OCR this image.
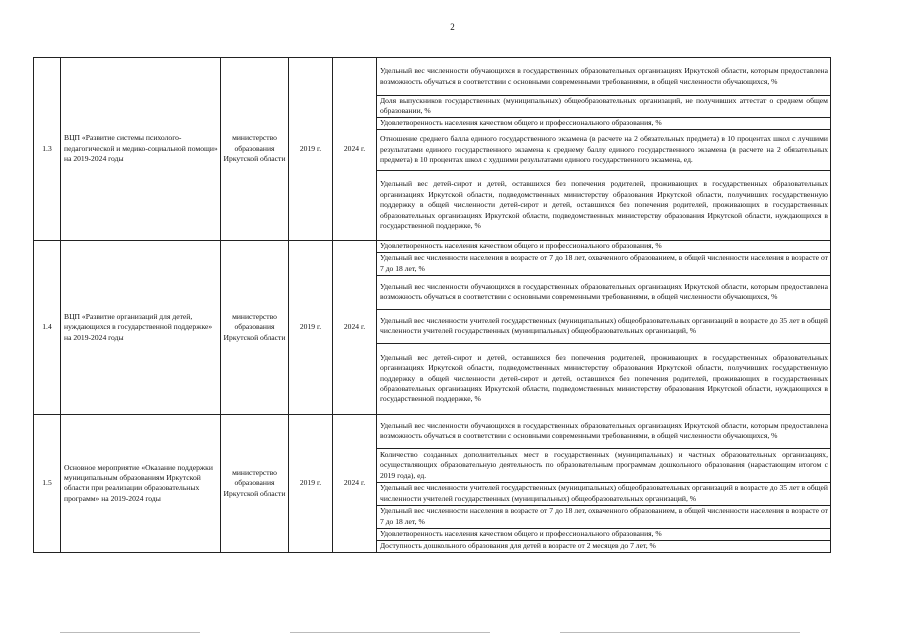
2
1.3	ВЦП «Развитие системы психолого-педагогической и медико-социальной помощи» на 2019-2024 годы	министерство образования Иркутской области	2019 г.	2024 г.	Удельный вес численности обучающихся в государственных образовательных организациях Иркутской области, которым предоставлена возможность обучаться в соответствии с основными современными требованиями, в общей численности обучающихся, %
					Доля выпускников государственных (муниципальных) общеобразовательных организаций, не получивших аттестат о среднем общем образовании, %
					Удовлетворенность населения качеством общего и профессионального образования, %
					Отношение среднего балла единого государственного экзамена (в расчете на 2 обязательных предмета) в 10 процентах школ с лучшими результатами единого государственного экзамена к среднему баллу единого государственного экзамена (в расчете на 2 обязательных предмета) в 10 процентах школ с худшими результатами единого государственного экзамена, ед.
					Удельный вес детей-сирот и детей, оставшихся без попечения родителей, проживающих в государственных образовательных организациях Иркутской области, подведомственных министерству образования Иркутской области, получивших государственную поддержку в общей численности детей-сирот и детей, оставшихся без попечения родителей, проживающих в государственных образовательных организациях Иркутской области, подведомственных министерству образования Иркутской области, нуждающихся в государственной поддержке, %
1.4	ВЦП «Развитие организаций для детей, нуждающихся в государственной поддержке» на 2019-2024 годы	министерство образования Иркутской области	2019 г.	2024 г.	Удовлетворенность населения качеством общего и профессионального образования, %
					Удельный вес численности населения в возрасте от 7 до 18 лет, охваченного образованием, в общей численности населения в возрасте от 7 до 18 лет, %
					Удельный вес численности обучающихся в государственных образовательных организациях Иркутской области, которым предоставлена возможность обучаться в соответствии с основными современными требованиями, в общей численности обучающихся, %
					Удельный вес численности учителей государственных (муниципальных) общеобразовательных организаций в возрасте до 35 лет в общей численности учителей государственных (муниципальных) общеобразовательных организаций, %
					Удельный вес детей-сирот и детей, оставшихся без попечения родителей, проживающих в государственных образовательных организациях Иркутской области, подведомственных министерству образования Иркутской области, получивших государственную поддержку в общей численности детей-сирот и детей, оставшихся без попечения родителей, проживающих в государственных образовательных организациях Иркутской области, подведомственных министерству образования Иркутской области, нуждающихся в государственной поддержке, %
1.5	Основное мероприятие «Оказание поддержки муниципальным образованиям Иркутской области при реализации образовательных программ» на 2019-2024 годы	министерство образования Иркутской области	2019 г.	2024 г.	Удельный вес численности обучающихся в государственных образовательных организациях Иркутской области, которым предоставлена возможность обучаться в соответствии с основными современными требованиями, в общей численности обучающихся, %
					Количество созданных дополнительных мест в государственных (муниципальных) и частных образовательных организациях, осуществляющих образовательную деятельность по образовательным программам дошкольного образования (нарастающим итогом с 2019 года), ед.
					Удельный вес численности учителей государственных (муниципальных) общеобразовательных организаций в возрасте до 35 лет в общей численности учителей государственных (муниципальных) общеобразовательных организаций, %
					Удельный вес численности населения в возрасте от 7 до 18 лет, охваченного образованием, в общей численности населения в возрасте от 7 до 18 лет, %
					Удовлетворенность населения качеством общего и профессионального образования, %
					Доступность дошкольного образования для детей в возрасте от 2 месяцев до 7 лет, %
